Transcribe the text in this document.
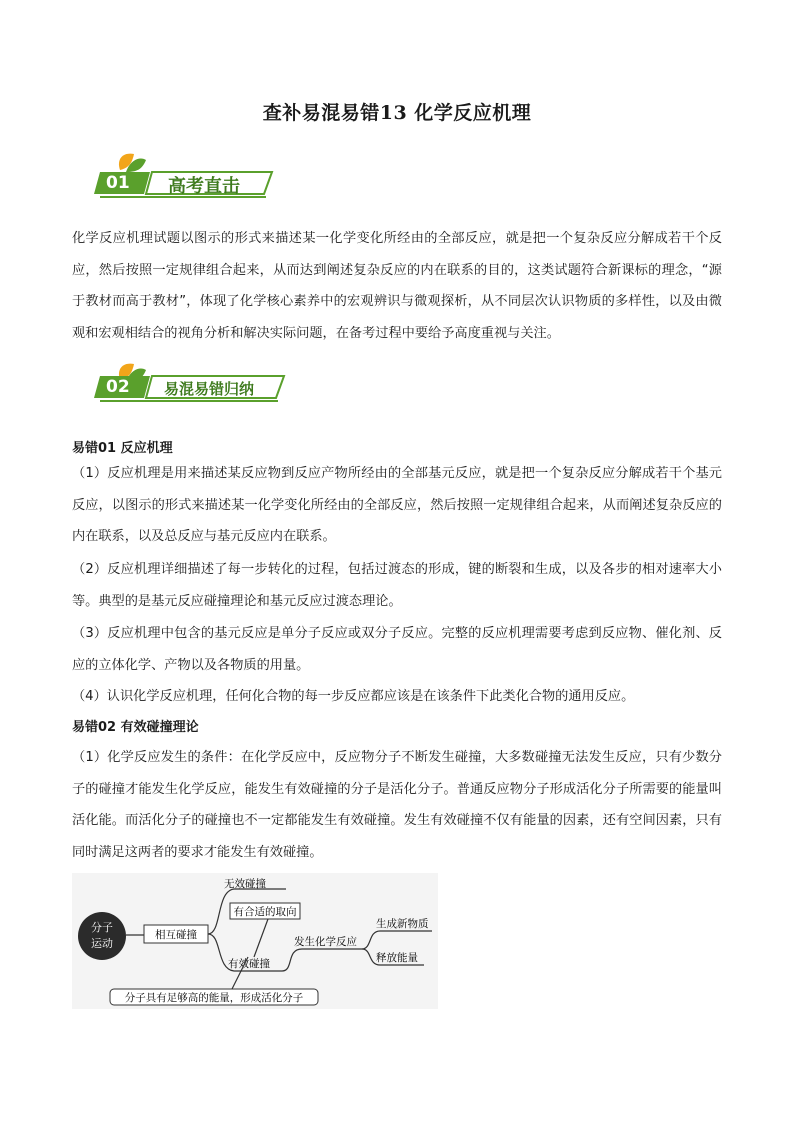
查补易混易错13 化学反应机理
01 高考直击

化学反应机理试题以图示的形式来描述某一化学变化所经由的全部反应，就是把一个复杂反应分解成若干个反应，然后按照一定规律组合起来，从而达到阐述复杂反应的内在联系的目的，这类试题符合新课标的理念，“源于教材而高于教材”，体现了化学核心素养中的宏观辨识与微观探析，从不同层次认识物质的多样性，以及由微观和宏观相结合的视角分析和解决实际问题，在备考过程中要给予高度重视与关注。

02 易混易错归纳
易错01 反应机理

（1）反应机理是用来描述某反应物到反应产物所经由的全部基元反应，就是把一个复杂反应分解成若干个基元反应，以图示的形式来描述某一化学变化所经由的全部反应，然后按照一定规律组合起来，从而阐述复杂反应的内在联系，以及总反应与基元反应内在联系。

（2）反应机理详细描述了每一步转化的过程，包括过渡态的形成，键的断裂和生成，以及各步的相对速率大小等。典型的是基元反应碰撞理论和基元反应过渡态理论。

（3）反应机理中包含的基元反应是单分子反应或双分子反应。完整的反应机理需要考虑到反应物、催化剂、反应的立体化学、产物以及各物质的用量。

（4）认识化学反应机理，任何化合物的每一步反应都应该是在该条件下此类化合物的通用反应。

易错02 有效碰撞理论

（1）化学反应发生的条件：在化学反应中，反应物分子不断发生碰撞，大多数碰撞无法发生反应，只有少数分子的碰撞才能发生化学反应，能发生有效碰撞的分子是活化分子。普通反应物分子形成活化分子所需要的能量叫活化能。而活化分子的碰撞也不一定都能发生有效碰撞。发生有效碰撞不仅有能量的因素，还有空间因素，只有同时满足这两者的要求才能发生有效碰撞。

分子
运动
相互碰撞
无效碰撞
有合适的取向
有效碰撞
发生化学反应
生成新物质
释放能量
分子具有足够高的能量，形成活化分子
